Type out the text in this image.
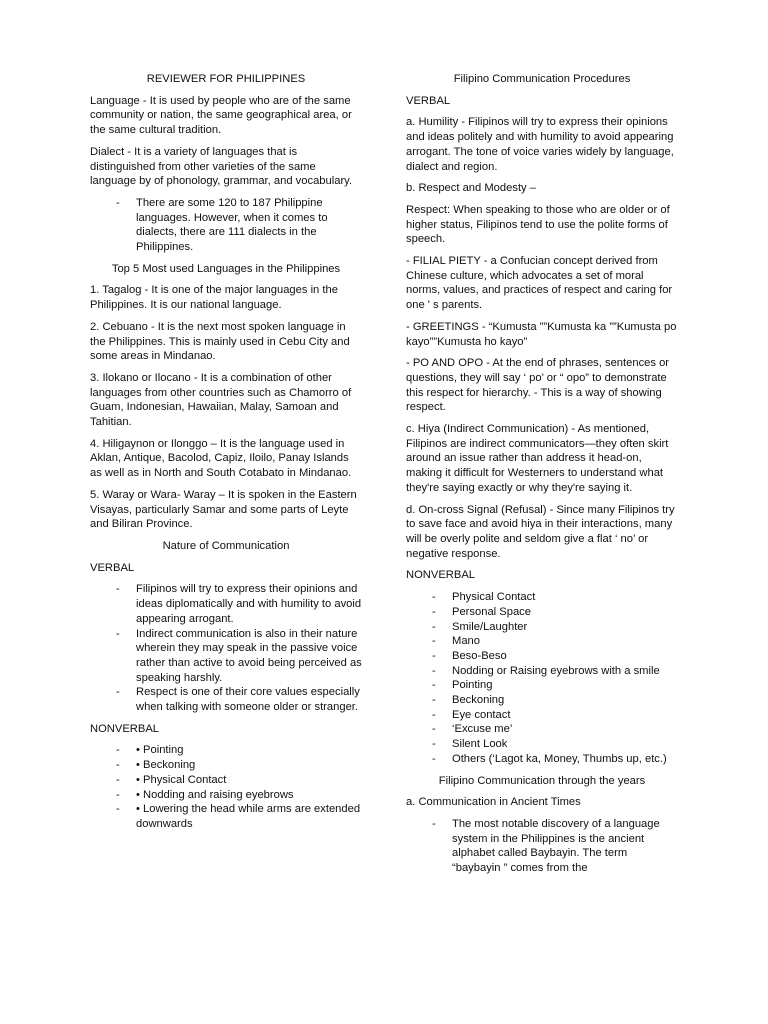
REVIEWER FOR PHILIPPINES

Language - It is used by people who are of the same community or nation, the same geographical area, or the same cultural tradition.

Dialect - It is a variety of languages that is distinguished from other varieties of the same language by of phonology, grammar, and vocabulary.

- There are some 120 to 187 Philippine languages. However, when it comes to dialects, there are 111 dialects in the Philippines.
Top 5 Most used Languages in the Philippines

1. Tagalog - It is one of the major languages in the Philippines. It is our national language.

2. Cebuano - It is the next most spoken language in the Philippines. This is mainly used in Cebu City and some areas in Mindanao.

3. Ilokano or Ilocano - It is a combination of other languages from other countries such as Chamorro of Guam, Indonesian, Hawaiian, Malay, Samoan and Tahitian.

4. Hiligaynon or Ilonggo – It is the language used in Aklan, Antique, Bacolod, Capiz, Iloilo, Panay Islands as well as in North and South Cotabato in Mindanao.

5. Waray or Wara- Waray – It is spoken in the Eastern Visayas, particularly Samar and some parts of Leyte and Biliran Province.

Nature of Communication

VERBAL

- Filipinos will try to express their opinions and ideas diplomatically and with humility to avoid appearing arrogant.
- Indirect communication is also in their nature wherein they may speak in the passive voice rather than active to avoid being perceived as speaking harshly.
- Respect is one of their core values especially when talking with someone older or stranger.

NONVERBAL

- • Pointing
- • Beckoning
- • Physical Contact
- • Nodding and raising eyebrows
- • Lowering the head while arms are extended downwards
Filipino Communication Procedures

VERBAL

a. Humility - Filipinos will try to express their opinions and ideas politely and with humility to avoid appearing arrogant. The tone of voice varies widely by language, dialect and region.

b. Respect and Modesty –

Respect: When speaking to those who are older or of higher status, Filipinos tend to use the polite forms of speech.

- FILIAL PIETY - a Confucian concept derived from Chinese culture, which advocates a set of moral norms, values, and practices of respect and caring for one ' s parents.

- GREETINGS - “Kumusta ””Kumusta ka ””Kumusta po kayo””Kumusta ho kayo”

- PO AND OPO - At the end of phrases, sentences or questions, they will say ‘ po’ or “ opo” to demonstrate this respect for hierarchy. - This is a way of showing respect.

c. Hiya (Indirect Communication) - As mentioned, Filipinos are indirect communicators—they often skirt around an issue rather than address it head-on, making it difficult for Westerners to understand what they're saying exactly or why they're saying it.

d. On-cross Signal (Refusal) - Since many Filipinos try to save face and avoid hiya in their interactions, many will be overly polite and seldom give a flat ‘ no’ or negative response.

NONVERBAL

- Physical Contact
- Personal Space
- Smile/Laughter
- Mano
- Beso-Beso
- Nodding or Raising eyebrows with a smile
- Pointing
- Beckoning
- Eye contact
- ‘Excuse me’
- Silent Look
- Others (‘Lagot ka, Money, Thumbs up, etc.)
Filipino Communication through the years

a. Communication in Ancient Times

- The most notable discovery of a language system in the Philippines is the ancient alphabet called Baybayin. The term “baybayin ” comes from the
